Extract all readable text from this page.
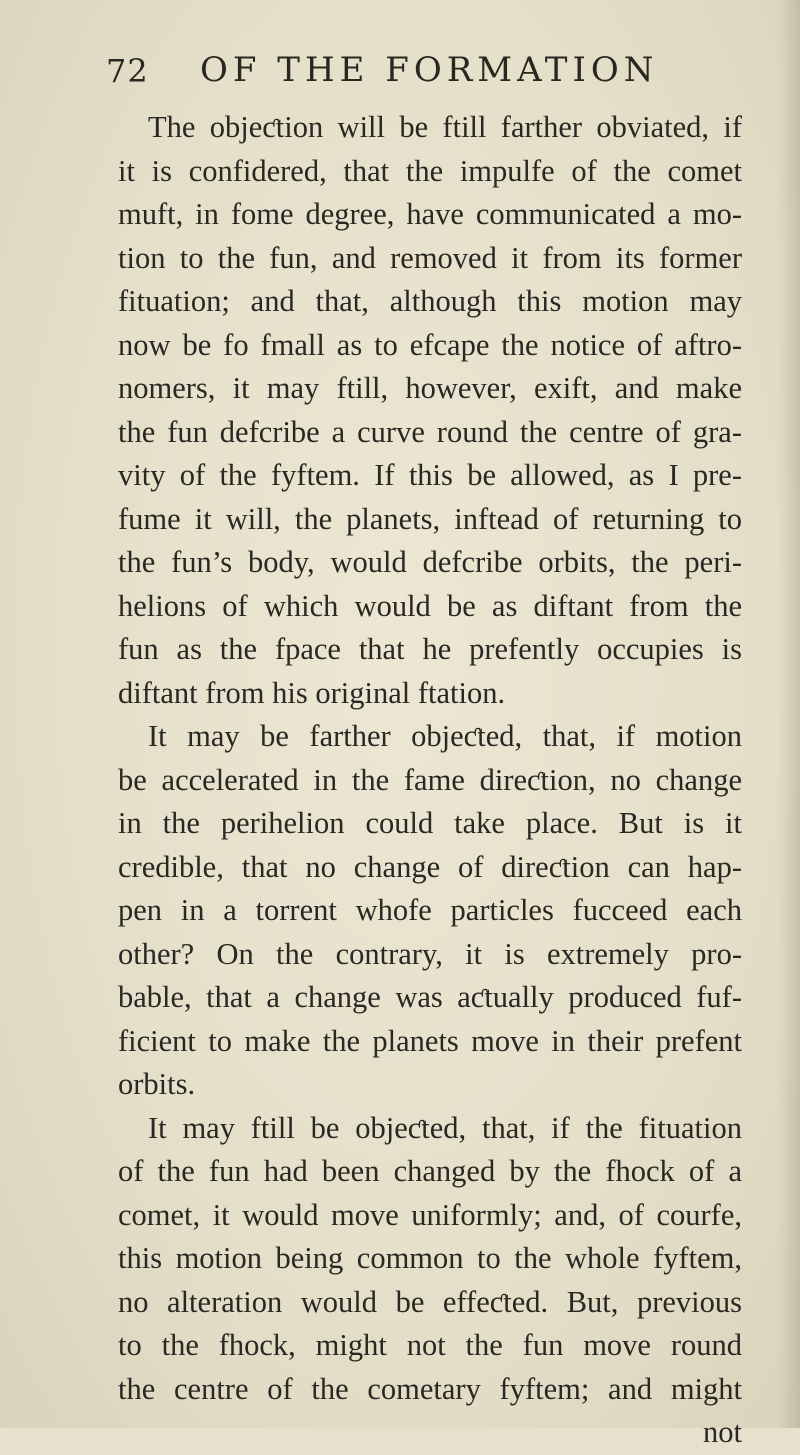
72 OF THE FORMATION
The objeƈtion will be ftill farther obviated, if
it is confidered, that the impulfe of the comet
muft, in fome degree, have communicated a mo-
tion to the fun, and removed it from its former
fituation; and that, although this motion may
now be fo fmall as to efcape the notice of aftro-
nomers, it may ftill, however, exift, and make
the fun defcribe a curve round the centre of gra-
vity of the fyftem. If this be allowed, as I pre-
fume it will, the planets, inftead of returning to
the fun’s body, would defcribe orbits, the peri-
helions of which would be as diftant from the
fun as the fpace that he prefently occupies is
diftant from his original ftation.
It may be farther objeƈted, that, if motion
be accelerated in the fame direƈtion, no change
in the perihelion could take place. But is it
credible, that no change of direƈtion can hap-
pen in a torrent whofe particles fucceed each
other? On the contrary, it is extremely pro-
bable, that a change was aƈtually produced fuf-
ficient to make the planets move in their prefent
orbits.
It may ftill be objeƈted, that, if the fituation
of the fun had been changed by the fhock of a
comet, it would move uniformly; and, of courfe,
this motion being common to the whole fyftem,
no alteration would be effeƈted. But, previous
to the fhock, might not the fun move round
the centre of the cometary fyftem; and might
not
